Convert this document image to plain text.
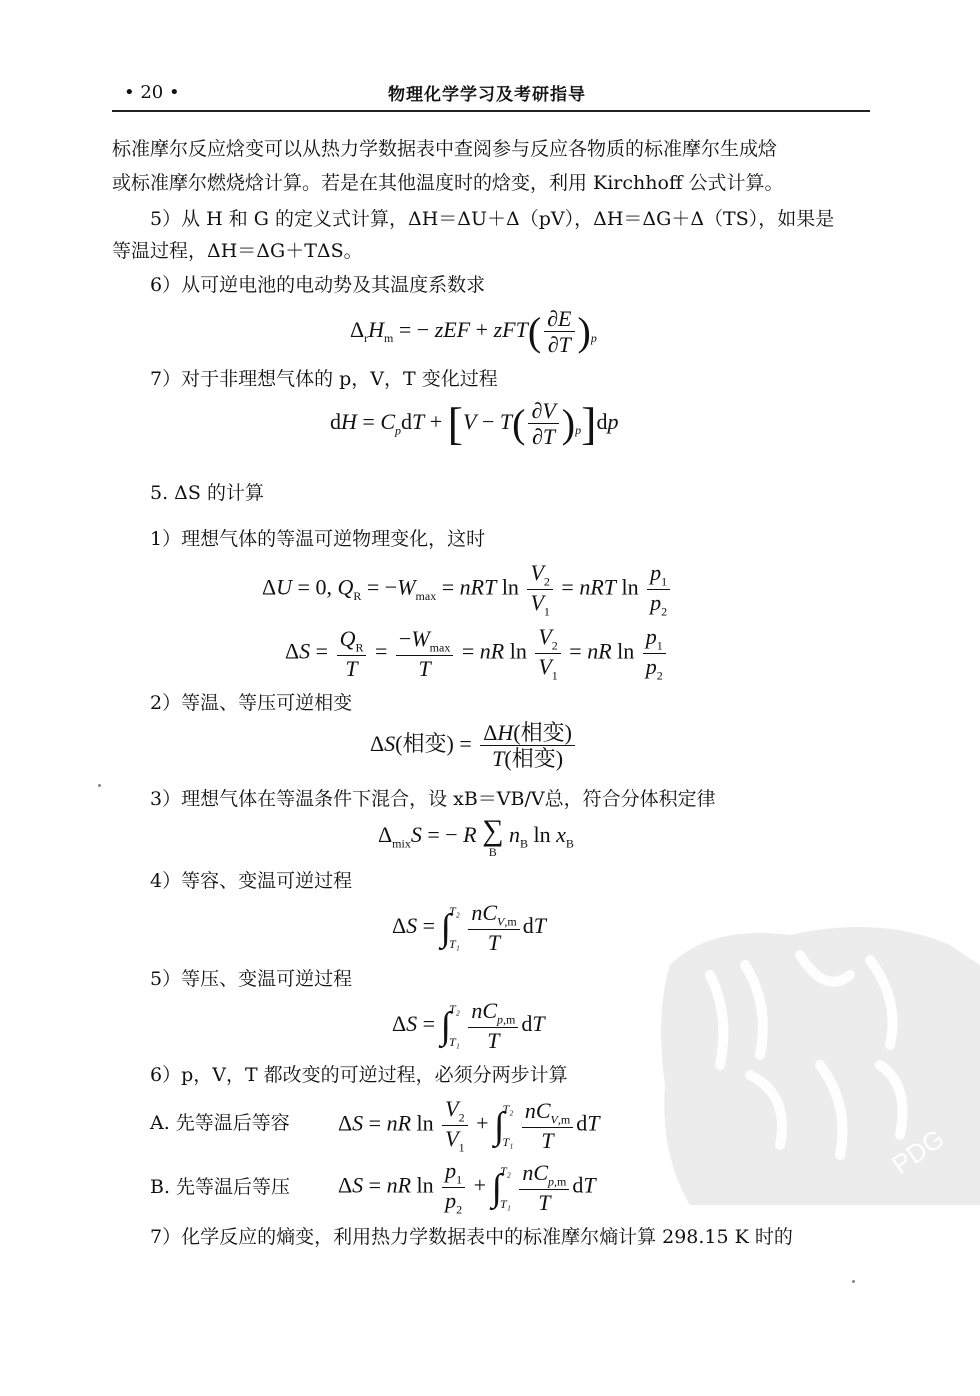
• 20 •	物理化学学习及考研指导
标准摩尔反应焓变可以从热力学数据表中查阅参与反应各物质的标准摩尔生成焓
或标准摩尔燃烧焓计算。若是在其他温度时的焓变，利用 Kirchhoff 公式计算。
5）从 H 和 G 的定义式计算，ΔH＝ΔU＋Δ（pV），ΔH＝ΔG＋Δ（TS），如果是
等温过程，ΔH＝ΔG＋TΔS。
6）从可逆电池的电动势及其温度系数求
$\Delta_rH_m$ = − zEF + $zFT( \frac{\partial E}{\partial T} )_p$
7）对于非理想气体的 p，V，T 变化过程
dH = $C_pdT + [V - T( \frac{\partial V}{\partial T} )_p]dp$
5. ΔS 的计算
1）理想气体的等温可逆物理变化，这时
ΔU = 0, $Q_R = -W_{max}$ = nRT $\ln \frac{V_2}{V_1}$ = nRT $\ln \frac{p_1}{p_2}$
$\Delta S = \frac{Q_R}{T} = \frac{-W_{max}}{T}$ = nR $\ln \frac{V_2}{V_1}$ = nR $\ln \frac{p_1}{p_2}$
2）等温、等压可逆相变
ΔS(相变) = $\frac{\text{ΔH(相变)}}{\text{T(相变)}}$
3）理想气体在等温条件下混合，设 xB＝VB/V总，符合分体积定律
$\Delta_{mix}S$ = − R ∑
B
$n_B$ $\ln x_B$
4）等容、变温可逆过程
ΔS = ∫
T₂
T₁
$\frac{nC_{V,m}}{T}$ dT
5）等压、变温可逆过程
ΔS = ∫
T₂
T₁
$\frac{nC_{p,m}}{T}$ dT
6）p，V，T 都改变的可逆过程，必须分两步计算
A. 先等温后等容 ΔS = nR $\ln \frac{V_2}{V_1}$ + ∫
T₂
T₁
$\frac{nC_{V,m}}{T}$ dT
B. 先等温后等压 ΔS = nR $\ln \frac{p_1}{p_2}$ + ∫
T₂
T₁
$\frac{nC_{p,m}}{T}$ dT
7）化学反应的熵变，利用热力学数据表中的标准摩尔熵计算 298.15 K 时的
PDG
